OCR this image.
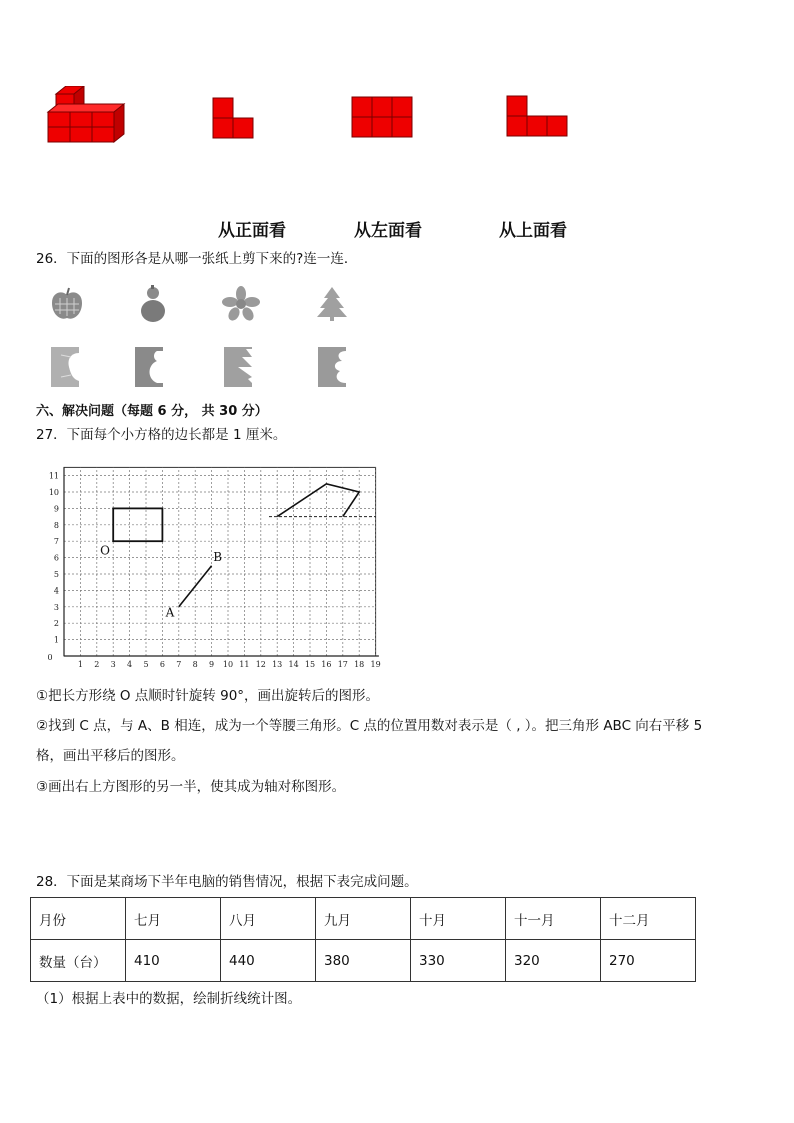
从正面看	从左面看	从上面看
26．下面的图形各是从哪一张纸上剪下来的?连一连．
六、解决问题（每题 6 分， 共 30 分）
27．下面每个小方格的边长都是 1 厘米。
0
1 2 3 4 5 6 7 8 9 10 11 12 13 14 15 16 17 18 19
1
2
3
4
5
6
7
8
9
10
11
O
A
B
①把长方形绕 O 点顺时针旋转 90°，画出旋转后的图形。
②找到 C 点，与 A、B 相连，成为一个等腰三角形。C 点的位置用数对表示是（ , ）。把三角形 ABC 向右平移 5
格，画出平移后的图形。
③画出右上方图形的另一半，使其成为轴对称图形。
28．下面是某商场下半年电脑的销售情况，根据下表完成问题。
月份	七月	八月	九月	十月	十一月	十二月
数量（台）	410	440	380	330	320	270
（1）根据上表中的数据，绘制折线统计图。
